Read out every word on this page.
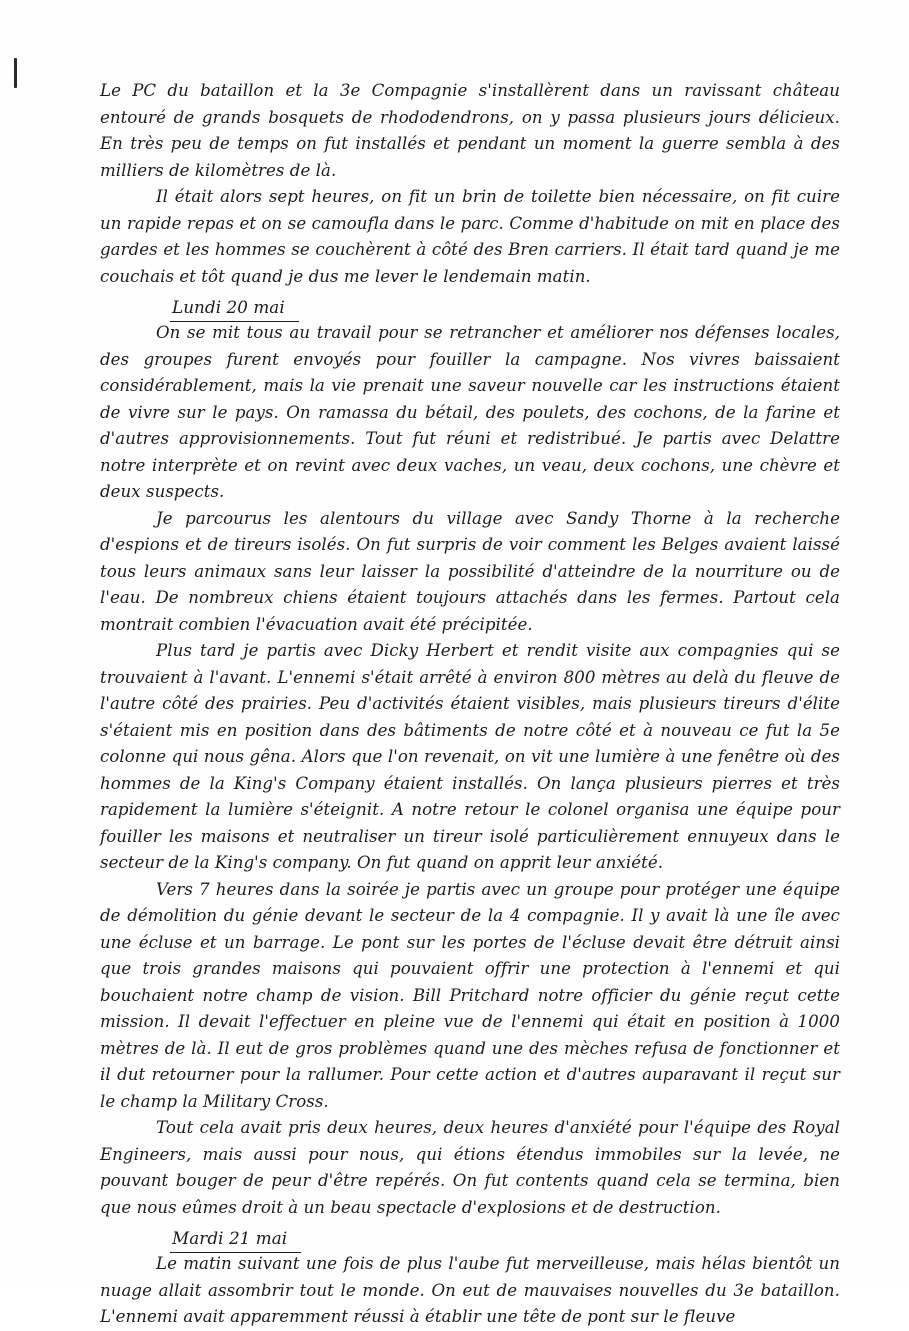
Le PC du bataillon et la 3e Compagnie s'installèrent dans un ravissant château entouré de grands bosquets de rhododendrons, on y passa plusieurs jours délicieux. En très peu de temps on fut installés et pendant un moment la guerre sembla à des milliers de kilomètres de là.

Il était alors sept heures, on fit un brin de toilette bien nécessaire, on fit cuire un rapide repas et on se camoufla dans le parc. Comme d'habitude on mit en place des gardes et les hommes se couchèrent à côté des Bren carriers. Il était tard quand je me couchais et tôt quand je dus me lever le lendemain matin.

Lundi 20 mai

On se mit tous au travail pour se retrancher et améliorer nos défenses locales, des groupes furent envoyés pour fouiller la campagne. Nos vivres baissaient considérablement, mais la vie prenait une saveur nouvelle car les instructions étaient de vivre sur le pays. On ramassa du bétail, des poulets, des cochons, de la farine et d'autres approvisionnements. Tout fut réuni et redistribué. Je partis avec Delattre notre interprète et on revint avec deux vaches, un veau, deux cochons, une chèvre et deux suspects.

Je parcourus les alentours du village avec Sandy Thorne à la recherche d'espions et de tireurs isolés. On fut surpris de voir comment les Belges avaient laissé tous leurs animaux sans leur laisser la possibilité d'atteindre de la nourriture ou de l'eau. De nombreux chiens étaient toujours attachés dans les fermes. Partout cela montrait combien l'évacuation avait été précipitée.

Plus tard je partis avec Dicky Herbert et rendit visite aux compagnies qui se trouvaient à l'avant. L'ennemi s'était arrêté à environ 800 mètres au delà du fleuve de l'autre côté des prairies. Peu d'activités étaient visibles, mais plusieurs tireurs d'élite s'étaient mis en position dans des bâtiments de notre côté et à nouveau ce fut la 5e colonne qui nous gêna. Alors que l'on revenait, on vit une lumière à une fenêtre où des hommes de la King's Company étaient installés. On lança plusieurs pierres et très rapidement la lumière s'éteignit. A notre retour le colonel organisa une équipe pour fouiller les maisons et neutraliser un tireur isolé particulièrement ennuyeux dans le secteur de la King's company. On fut quand on apprit leur anxiété.

Vers 7 heures dans la soirée je partis avec un groupe pour protéger une équipe de démolition du génie devant le secteur de la 4 compagnie. Il y avait là une île avec une écluse et un barrage. Le pont sur les portes de l'écluse devait être détruit ainsi que trois grandes maisons qui pouvaient offrir une protection à l'ennemi et qui bouchaient notre champ de vision. Bill Pritchard notre officier du génie reçut cette mission. Il devait l'effectuer en pleine vue de l'ennemi qui était en position à 1000 mètres de là. Il eut de gros problèmes quand une des mèches refusa de fonctionner et il dut retourner pour la rallumer. Pour cette action et d'autres auparavant il reçut sur le champ la Military Cross.

Tout cela avait pris deux heures, deux heures d'anxiété pour l'équipe des Royal Engineers, mais aussi pour nous, qui étions étendus immobiles sur la levée, ne pouvant bouger de peur d'être repérés. On fut contents quand cela se termina, bien que nous eûmes droit à un beau spectacle d'explosions et de destruction.

Mardi 21 mai

Le matin suivant une fois de plus l'aube fut merveilleuse, mais hélas bientôt un nuage allait assombrir tout le monde. On eut de mauvaises nouvelles du 3e bataillon. L'ennemi avait apparemment réussi à établir une tête de pont sur le fleuve
